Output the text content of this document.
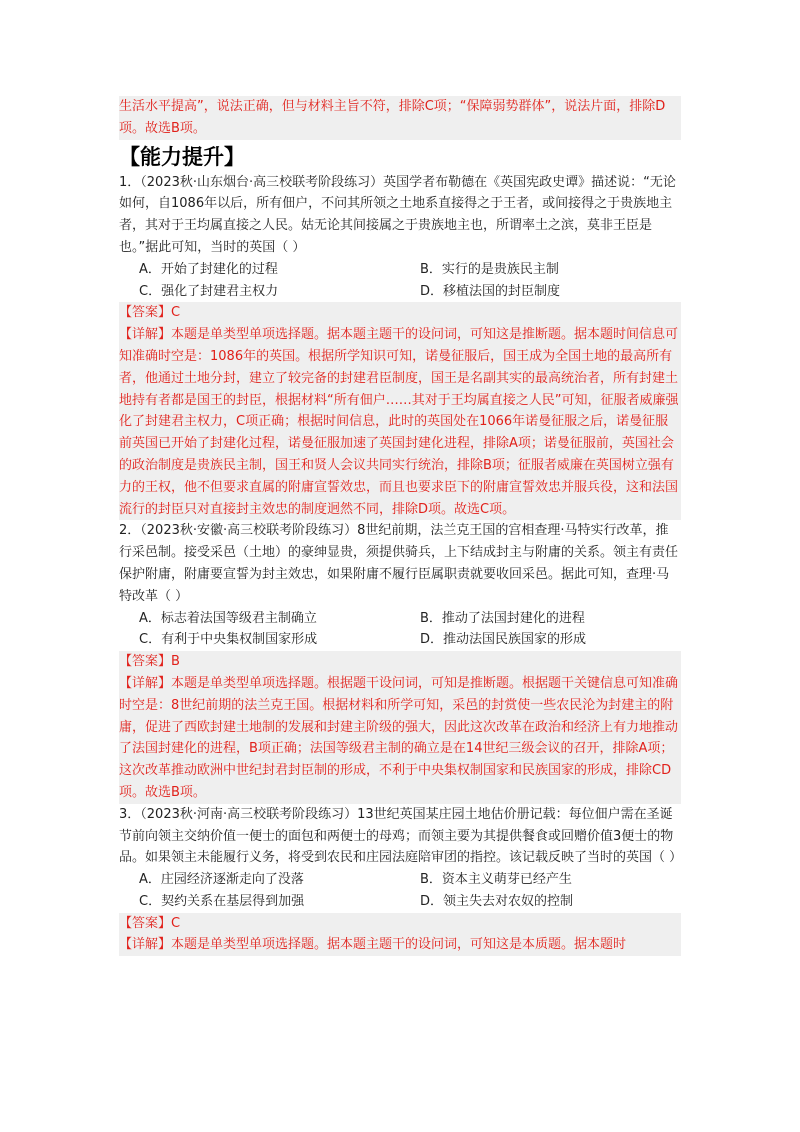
生活水平提高”，说法正确，但与材料主旨不符，排除C项；“保障弱势群体”，说法片面，排除D项。故选B项。
【能力提升】
1．（2023秋·山东烟台·高三校联考阶段练习）英国学者布勒德在《英国宪政史谭》描述说：“无论如何，自1086年以后，所有佃户，不问其所领之土地系直接得之于王者，或间接得之于贵族地主者，其对于王均属直接之人民。姑无论其间接属之于贵族地主也，所谓率土之滨，莫非王臣是也。”据此可知，当时的英国（ ）
A．开始了封建化的过程	B．实行的是贵族民主制
C．强化了封建君主权力	D．移植法国的封臣制度
【答案】C
【详解】本题是单类型单项选择题。据本题主题干的设问词，可知这是推断题。据本题时间信息可知准确时空是：1086年的英国。根据所学知识可知，诺曼征服后，国王成为全国土地的最高所有者，他通过土地分封，建立了较完备的封建君臣制度，国王是名副其实的最高统治者，所有封建土地持有者都是国王的封臣，根据材料“所有佃户……其对于王均属直接之人民”可知，征服者威廉强化了封建君主权力，C项正确；根据时间信息，此时的英国处在1066年诺曼征服之后，诺曼征服前英国已开始了封建化过程，诺曼征服加速了英国封建化进程，排除A项；诺曼征服前，英国社会的政治制度是贵族民主制，国王和贤人会议共同实行统治，排除B项；征服者威廉在英国树立强有力的王权，他不但要求直属的附庸宣誓效忠，而且也要求臣下的附庸宣誓效忠并服兵役，这和法国流行的封臣只对直接封主效忠的制度迥然不同，排除D项。故选C项。
2．（2023秋·安徽·高三校联考阶段练习）8世纪前期，法兰克王国的宫相查理·马特实行改革，推行采邑制。接受采邑（土地）的豪绅显贵，须提供骑兵，上下结成封主与附庸的关系。领主有责任保护附庸，附庸要宣誓为封主效忠，如果附庸不履行臣属职责就要收回采邑。据此可知，查理·马特改革（ ）
A．标志着法国等级君主制确立	B．推动了法国封建化的进程
C．有利于中央集权制国家形成	D．推动法国民族国家的形成
【答案】B
【详解】本题是单类型单项选择题。根据题干设问词，可知是推断题。根据题干关键信息可知准确时空是：8世纪前期的法兰克王国。根据材料和所学可知，采邑的封赏使一些农民沦为封建主的附庸，促进了西欧封建土地制的发展和封建主阶级的强大，因此这次改革在政治和经济上有力地推动了法国封建化的进程，B项正确；法国等级君主制的确立是在14世纪三级会议的召开，排除A项；这次改革推动欧洲中世纪封君封臣制的形成，不利于中央集权制国家和民族国家的形成，排除CD项。故选B项。
3．（2023秋·河南·高三校联考阶段练习）13世纪英国某庄园土地估价册记载：每位佃户需在圣诞节前向领主交纳价值一便士的面包和两便士的母鸡；而领主要为其提供餐食或回赠价值3便士的物品。如果领主未能履行义务，将受到农民和庄园法庭陪审团的指控。该记载反映了当时的英国（ ）
A．庄园经济逐渐走向了没落	B．资本主义萌芽已经产生
C．契约关系在基层得到加强	D．领主失去对农奴的控制
【答案】C
【详解】本题是单类型单项选择题。据本题主题干的设问词，可知这是本质题。据本题时
